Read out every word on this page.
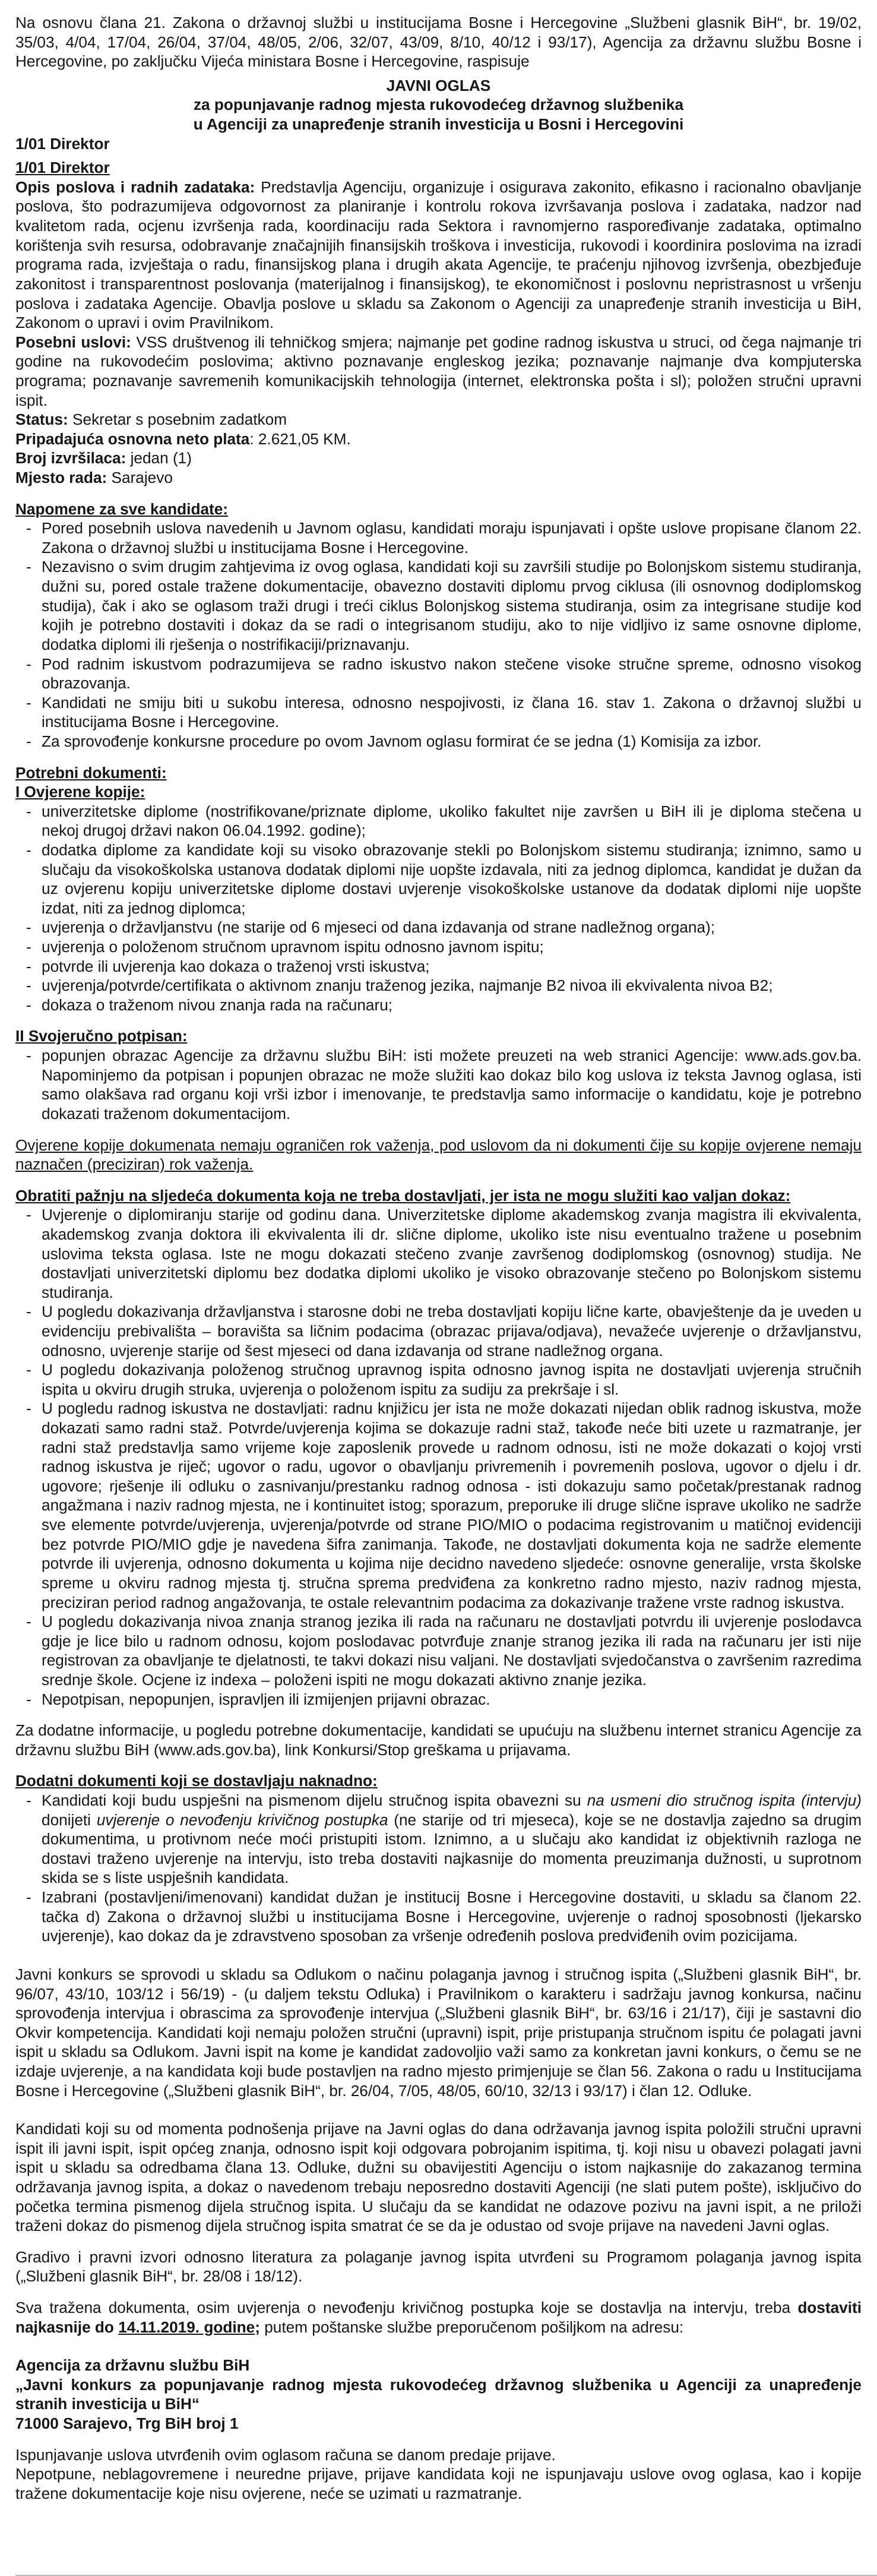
Na osnovu člana 21. Zakona o državnoj službi u institucijama Bosne i Hercegovine „Službeni glasnik BiH“, br. 19/02, 35/03, 4/04, 17/04, 26/04, 37/04, 48/05, 2/06, 32/07, 43/09, 8/10, 40/12 i 93/17), Agencija za državnu službu Bosne i Hercegovine, po zaključku Vijeća ministara Bosne i Hercegovine, raspisuje

JAVNI OGLAS
za popunjavanje radnog mjesta rukovodećeg državnog službenika
u Agenciji za unapređenje stranih investicija u Bosni i Hercegovini

1/01 Direktor

1/01 Direktor

Opis poslova i radnih zadataka: Predstavlja Agenciju, organizuje i osigurava zakonito, efikasno i racionalno obavljanje poslova, što podrazumijeva odgovornost za planiranje i kontrolu rokova izvršavanja poslova i zadataka, nadzor nad kvalitetom rada, ocjenu izvršenja rada, koordinaciju rada Sektora i ravnomjerno raspoređivanje zadataka, optimalno korištenja svih resursa, odobravanje značajnijih finansijskih troškova i investicija, rukovodi i koordinira poslovima na izradi programa rada, izvještaja o radu, finansijskog plana i drugih akata Agencije, te praćenju njihovog izvršenja, obezbjeđuje zakonitost i transparentnost poslovanja (materijalnog i finansijskog), te ekonomičnost i poslovnu nepristrasnost u vršenju poslova i zadataka Agencije. Obavlja poslove u skladu sa Zakonom o Agenciji za unapređenje stranih investicija u BiH, Zakonom o upravi i ovim Pravilnikom.

Posebni uslovi: VSS društvenog ili tehničkog smjera; najmanje pet godine radnog iskustva u struci, od čega najmanje tri godine na rukovodećim poslovima; aktivno poznavanje engleskog jezika; poznavanje najmanje dva kompjuterska programa; poznavanje savremenih komunikacijskih tehnologija (internet, elektronska pošta i sl); položen stručni upravni ispit.

Status: Sekretar s posebnim zadatkom

Pripadajuća osnovna neto plata: 2.621,05 KM.

Broj izvršilaca: jedan (1)

Mjesto rada: Sarajevo

Napomene za sve kandidate:

- Pored posebnih uslova navedenih u Javnom oglasu, kandidati moraju ispunjavati i opšte uslove propisane članom 22. Zakona o državnoj službi u institucijama Bosne i Hercegovine.
- Nezavisno o svim drugim zahtjevima iz ovog oglasa, kandidati koji su završili studije po Bolonjskom sistemu studiranja, dužni su, pored ostale tražene dokumentacije, obavezno dostaviti diplomu prvog ciklusa (ili osnovnog dodiplomskog studija), čak i ako se oglasom traži drugi i treći ciklus Bolonjskog sistema studiranja, osim za integrisane studije kod kojih je potrebno dostaviti i dokaz da se radi o integrisanom studiju, ako to nije vidljivo iz same osnovne diplome, dodatka diplomi ili rješenja o nostrifikaciji/priznavanju.
- Pod radnim iskustvom podrazumijeva se radno iskustvo nakon stečene visoke stručne spreme, odnosno visokog obrazovanja.
- Kandidati ne smiju biti u sukobu interesa, odnosno nespojivosti, iz člana 16. stav 1. Zakona o državnoj službi u institucijama Bosne i Hercegovine.
- Za sprovođenje konkursne procedure po ovom Javnom oglasu formirat će se jedna (1) Komisija za izbor.

Potrebni dokumenti:

I Ovjerene kopije:

- univerzitetske diplome (nostrifikovane/priznate diplome, ukoliko fakultet nije završen u BiH ili je diploma stečena u nekoj drugoj državi nakon 06.04.1992. godine);
- dodatka diplome za kandidate koji su visoko obrazovanje stekli po Bolonjskom sistemu studiranja; iznimno, samo u slučaju da visokoškolska ustanova dodatak diplomi nije uopšte izdavala, niti za jednog diplomca, kandidat je dužan da uz ovjerenu kopiju univerzitetske diplome dostavi uvjerenje visokoškolske ustanove da dodatak diplomi nije uopšte izdat, niti za jednog diplomca;
- uvjerenja o državljanstvu (ne starije od 6 mjeseci od dana izdavanja od strane nadležnog organa);
- uvjerenja o položenom stručnom upravnom ispitu odnosno javnom ispitu;
- potvrde ili uvjerenja kao dokaza o traženoj vrsti iskustva;
- uvjerenja/potvrde/certifikata o aktivnom znanju traženog jezika, najmanje B2 nivoa ili ekvivalenta nivoa B2;
- dokaza o traženom nivou znanja rada na računaru;

II Svojeručno potpisan:

- popunjen obrazac Agencije za državnu službu BiH: isti možete preuzeti na web stranici Agencije: www.ads.gov.ba. Napominjemo da potpisan i popunjen obrazac ne može služiti kao dokaz bilo kog uslova iz teksta Javnog oglasa, isti samo olakšava rad organu koji vrši izbor i imenovanje, te predstavlja samo informacije o kandidatu, koje je potrebno dokazati traženom dokumentacijom.

Ovjerene kopije dokumenata nemaju ograničen rok važenja, pod uslovom da ni dokumenti čije su kopije ovjerene nemaju naznačen (preciziran) rok važenja.

Obratiti pažnju na sljedeća dokumenta koja ne treba dostavljati, jer ista ne mogu služiti kao valjan dokaz:

- Uvjerenje o diplomiranju starije od godinu dana. Univerzitetske diplome akademskog zvanja magistra ili ekvivalenta, akademskog zvanja doktora ili ekvivalenta ili dr. slične diplome, ukoliko iste nisu eventualno tražene u posebnim uslovima teksta oglasa. Iste ne mogu dokazati stečeno zvanje završenog dodiplomskog (osnovnog) studija. Ne dostavljati univerzitetski diplomu bez dodatka diplomi ukoliko je visoko obrazovanje stečeno po Bolonjskom sistemu studiranja.
- U pogledu dokazivanja državljanstva i starosne dobi ne treba dostavljati kopiju lične karte, obavještenje da je uveden u evidenciju prebivališta – boravišta sa ličnim podacima (obrazac prijava/odjava), nevažeće uvjerenje o državljanstvu, odnosno, uvjerenje starije od šest mjeseci od dana izdavanja od strane nadležnog organa.
- U pogledu dokazivanja položenog stručnog upravnog ispita odnosno javnog ispita ne dostavljati uvjerenja stručnih ispita u okviru drugih struka, uvjerenja o položenom ispitu za sudiju za prekršaje i sl.
- U pogledu radnog iskustva ne dostavljati: radnu knjižicu jer ista ne može dokazati nijedan oblik radnog iskustva, može dokazati samo radni staž. Potvrde/uvjerenja kojima se dokazuje radni staž, takođe neće biti uzete u razmatranje, jer radni staž predstavlja samo vrijeme koje zaposlenik provede u radnom odnosu, isti ne može dokazati o kojoj vrsti radnog iskustva je riječ; ugovor o radu, ugovor o obavljanju privremenih i povremenih poslova, ugovor o djelu i dr. ugovore; rješenje ili odluku o zasnivanju/prestanku radnog odnosa - isti dokazuju samo početak/prestanak radnog angažmana i naziv radnog mjesta, ne i kontinuitet istog; sporazum, preporuke ili druge slične isprave ukoliko ne sadrže sve elemente potvrde/uvjerenja, uvjerenja/potvrde od strane PIO/MIO o podacima registrovanim u matičnoj evidenciji bez potvrde PIO/MIO gdje je navedena šifra zanimanja. Takođe, ne dostavljati dokumenta koja ne sadrže elemente potvrde ili uvjerenja, odnosno dokumenta u kojima nije decidno navedeno sljedeće: osnovne generalije, vrsta školske spreme u okviru radnog mjesta tj. stručna sprema predviđena za konkretno radno mjesto, naziv radnog mjesta, preciziran period radnog angažovanja, te ostale relevantnim podacima za dokazivanje tražene vrste radnog iskustva.
- U pogledu dokazivanja nivoa znanja stranog jezika ili rada na računaru ne dostavljati potvrdu ili uvjerenje poslodavca gdje je lice bilo u radnom odnosu, kojom poslodavac potvrđuje znanje stranog jezika ili rada na računaru jer isti nije registrovan za obavljanje te djelatnosti, te takvi dokazi nisu valjani. Ne dostavljati svjedočanstva o završenim razredima srednje škole. Ocjene iz indexa – položeni ispiti ne mogu dokazati aktivno znanje jezika.
- Nepotpisan, nepopunjen, ispravljen ili izmijenjen prijavni obrazac.

Za dodatne informacije, u pogledu potrebne dokumentacije, kandidati se upućuju na službenu internet stranicu Agencije za državnu službu BiH (www.ads.gov.ba), link Konkursi/Stop greškama u prijavama.

Dodatni dokumenti koji se dostavljaju naknadno:

- Kandidati koji budu uspješni na pismenom dijelu stručnog ispita obavezni su na usmeni dio stručnog ispita (intervju) donijeti uvjerenje o nevođenju krivičnog postupka (ne starije od tri mjeseca), koje se ne dostavlja zajedno sa drugim dokumentima, u protivnom neće moći pristupiti istom. Iznimno, a u slučaju ako kandidat iz objektivnih razloga ne dostavi traženo uvjerenje na intervju, isto treba dostaviti najkasnije do momenta preuzimanja dužnosti, u suprotnom skida se s liste uspješnih kandidata.
- Izabrani (postavljeni/imenovani) kandidat dužan je institucij Bosne i Hercegovine dostaviti, u skladu sa članom 22. tačka d) Zakona o državnoj službi u institucijama Bosne i Hercegovine, uvjerenje o radnoj sposobnosti (ljekarsko uvjerenje), kao dokaz da je zdravstveno sposoban za vršenje određenih poslova predviđenih ovim pozicijama.

Javni konkurs se sprovodi u skladu sa Odlukom o načinu polaganja javnog i stručnog ispita („Službeni glasnik BiH“, br. 96/07, 43/10, 103/12 i 56/19) - (u daljem tekstu Odluka) i Pravilnikom o karakteru i sadržaju javnog konkursa, načinu sprovođenja intervjua i obrascima za sprovođenje intervjua („Službeni glasnik BiH“, br. 63/16 i 21/17), čiji je sastavni dio Okvir kompetencija. Kandidati koji nemaju položen stručni (upravni) ispit, prije pristupanja stručnom ispitu će polagati javni ispit u skladu sa Odlukom. Javni ispit na kome je kandidat zadovoljio važi samo za konkretan javni konkurs, o čemu se ne izdaje uvjerenje, a na kandidata koji bude postavljen na radno mjesto primjenjuje se član 56. Zakona o radu u Institucijama Bosne i Hercegovine („Službeni glasnik BiH“, br. 26/04, 7/05, 48/05, 60/10, 32/13 i 93/17) i član 12. Odluke.

Kandidati koji su od momenta podnošenja prijave na Javni oglas do dana održavanja javnog ispita položili stručni upravni ispit ili javni ispit, ispit općeg znanja, odnosno ispit koji odgovara pobrojanim ispitima, tj. koji nisu u obavezi polagati javni ispit u skladu sa odredbama člana 13. Odluke, dužni su obavijestiti Agenciju o istom najkasnije do zakazanog termina održavanja javnog ispita, a dokaz o navedenom trebaju neposredno dostaviti Agenciji (ne slati putem pošte), isključivo do početka termina pismenog dijela stručnog ispita. U slučaju da se kandidat ne odazove pozivu na javni ispit, a ne priloži traženi dokaz do pismenog dijela stručnog ispita smatrat će se da je odustao od svoje prijave na navedeni Javni oglas.

Gradivo i pravni izvori odnosno literatura za polaganje javnog ispita utvrđeni su Programom polaganja javnog ispita („Službeni glasnik BiH“, br. 28/08 i 18/12).

Sva tražena dokumenta, osim uvjerenja o nevođenju krivičnog postupka koje se dostavlja na intervju, treba dostaviti najkasnije do 14.11.2019. godine; putem poštanske službe preporučenom pošiljkom na adresu:

Agencija za državnu službu BiH

„Javni konkurs za popunjavanje radnog mjesta rukovodećeg državnog službenika u Agenciji za unapređenje stranih investicija u BiH“

71000 Sarajevo, Trg BiH broj 1

Ispunjavanje uslova utvrđenih ovim oglasom računa se danom predaje prijave.

Nepotpune, neblagovremene i neuredne prijave, prijave kandidata koji ne ispunjavaju uslove ovog oglasa, kao i kopije tražene dokumentacije koje nisu ovjerene, neće se uzimati u razmatranje.
